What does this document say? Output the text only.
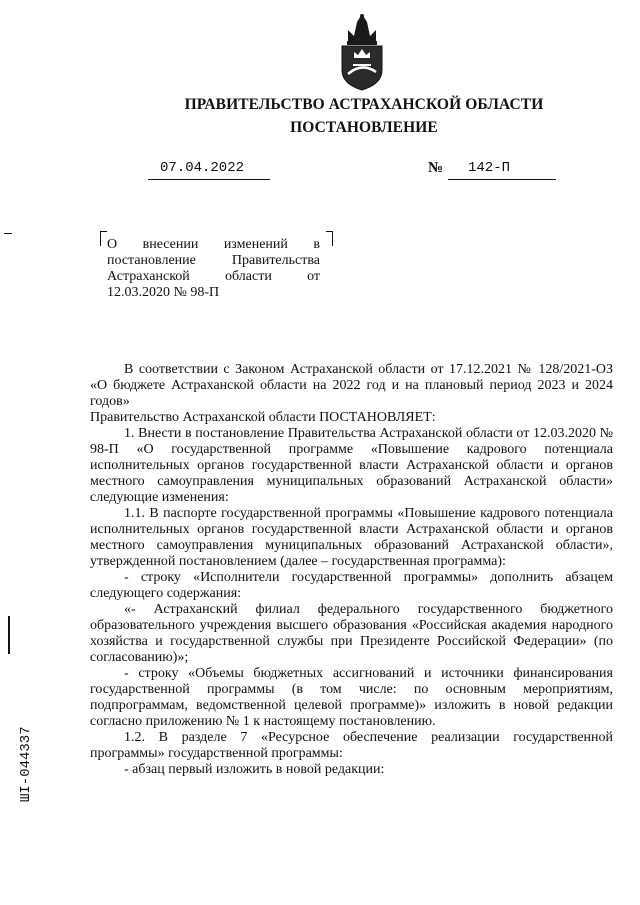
ПРАВИТЕЛЬСТВО АСТРАХАНСКОЙ ОБЛАСТИ
ПОСТАНОВЛЕНИЕ
07.04.2022	№ 142-П
О внесении изменений в постановление Правительства Астраханской области от 12.03.2020 № 98-П
ШI-044337

В соответствии с Законом Астраханской области от 17.12.2021 № 128/2021-ОЗ «О бюджете Астраханской области на 2022 год и на плановый период 2023 и 2024 годов»

Правительство Астраханской области ПОСТАНОВЛЯЕТ:

1. Внести в постановление Правительства Астраханской области от 12.03.2020 № 98-П «О государственной программе «Повышение кадрового потенциала исполнительных органов государственной власти Астраханской области и органов местного самоуправления муниципальных образований Астраханской области» следующие изменения:

1.1. В паспорте государственной программы «Повышение кадрового потенциала исполнительных органов государственной власти Астраханской области и органов местного самоуправления муниципальных образований Астраханской области», утвержденной постановлением (далее – государственная программа):

- строку «Исполнители государственной программы» дополнить абзацем следующего содержания:

«- Астраханский филиал федерального государственного бюджетного образовательного учреждения высшего образования «Российская академия народного хозяйства и государственной службы при Президенте Российской Федерации» (по согласованию)»;

- строку «Объемы бюджетных ассигнований и источники финансирования государственной программы (в том числе: по основным мероприятиям, подпрограммам, ведомственной целевой программе)» изложить в новой редакции согласно приложению № 1 к настоящему постановлению.

1.2. В разделе 7 «Ресурсное обеспечение реализации государственной программы» государственной программы:

- абзац первый изложить в новой редакции:
